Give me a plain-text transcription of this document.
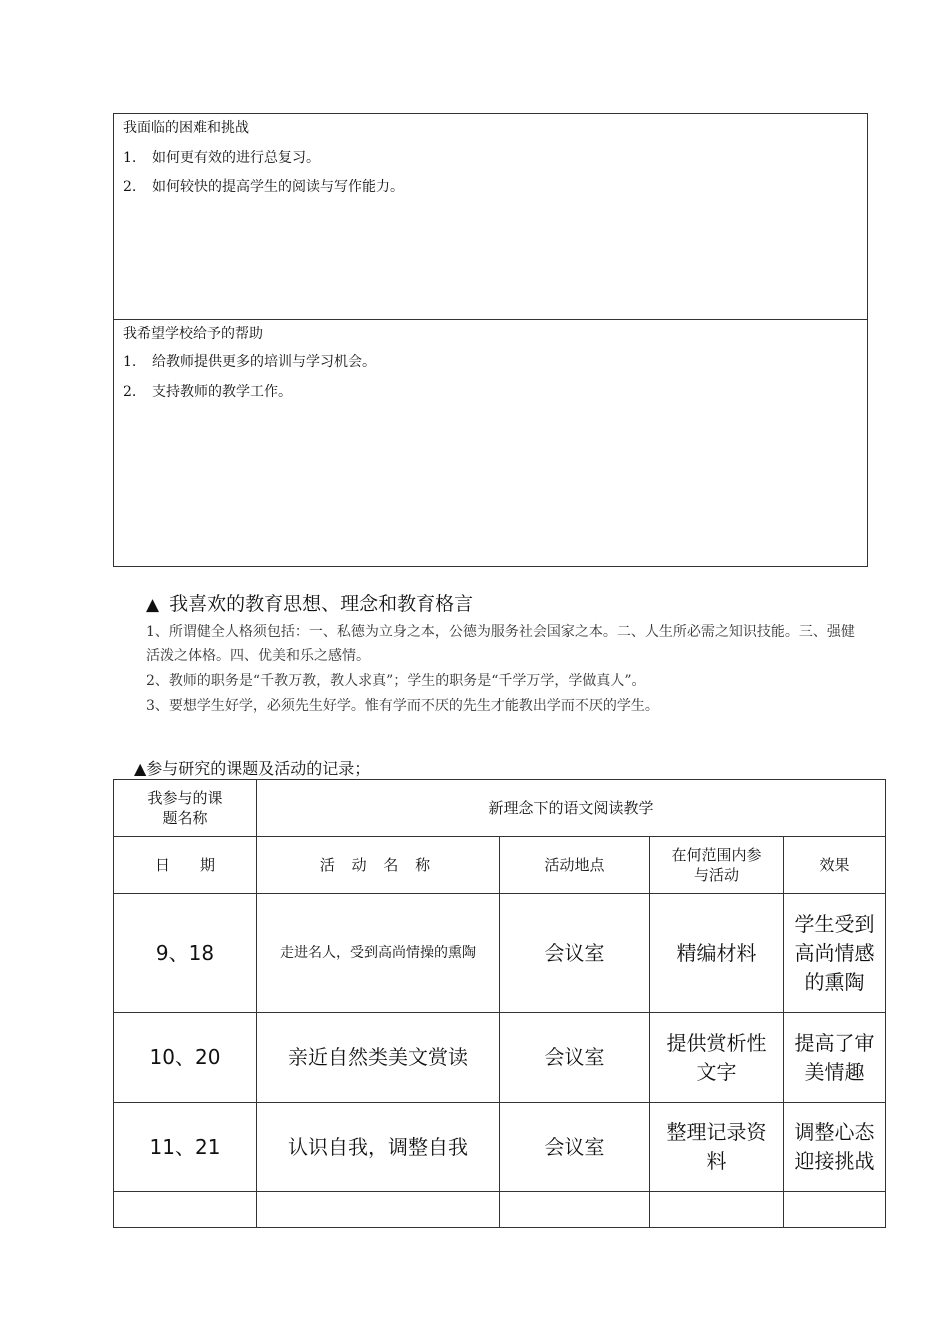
我面临的困难和挑战
1. 如何更有效的进行总复习。
2. 如何较快的提高学生的阅读与写作能力。
我希望学校给予的帮助
1. 给教师提供更多的培训与学习机会。
2. 支持教师的教学工作。
▲ 我喜欢的教育思想、理念和教育格言
1、所谓健全人格须包括：一、私德为立身之本，公德为服务社会国家之本。二、人生所必需之知识技能。三、强健活泼之体格。四、优美和乐之感情。
2、教师的职务是“千教万教，教人求真”；学生的职务是“千学万学，学做真人”。
3、要想学生好学，必须先生好学。惟有学而不厌的先生才能教出学而不厌的学生。
▲参与研究的课题及活动的记录；
我参与的课题名称	新理念下的语文阅读教学			
日　　期	活 动 名 称	活动地点	在何范围内参与活动	效果
9、18	走进名人，受到高尚情操的熏陶	会议室	精编材料	学生受到高尚情感的熏陶

10、20	亲近自然类美文赏读	会议室	提供赏析性文字	提高了审美情趣

11、21	认识自我，调整自我	会议室	整理记录资料	调整心态 迎接挑战
